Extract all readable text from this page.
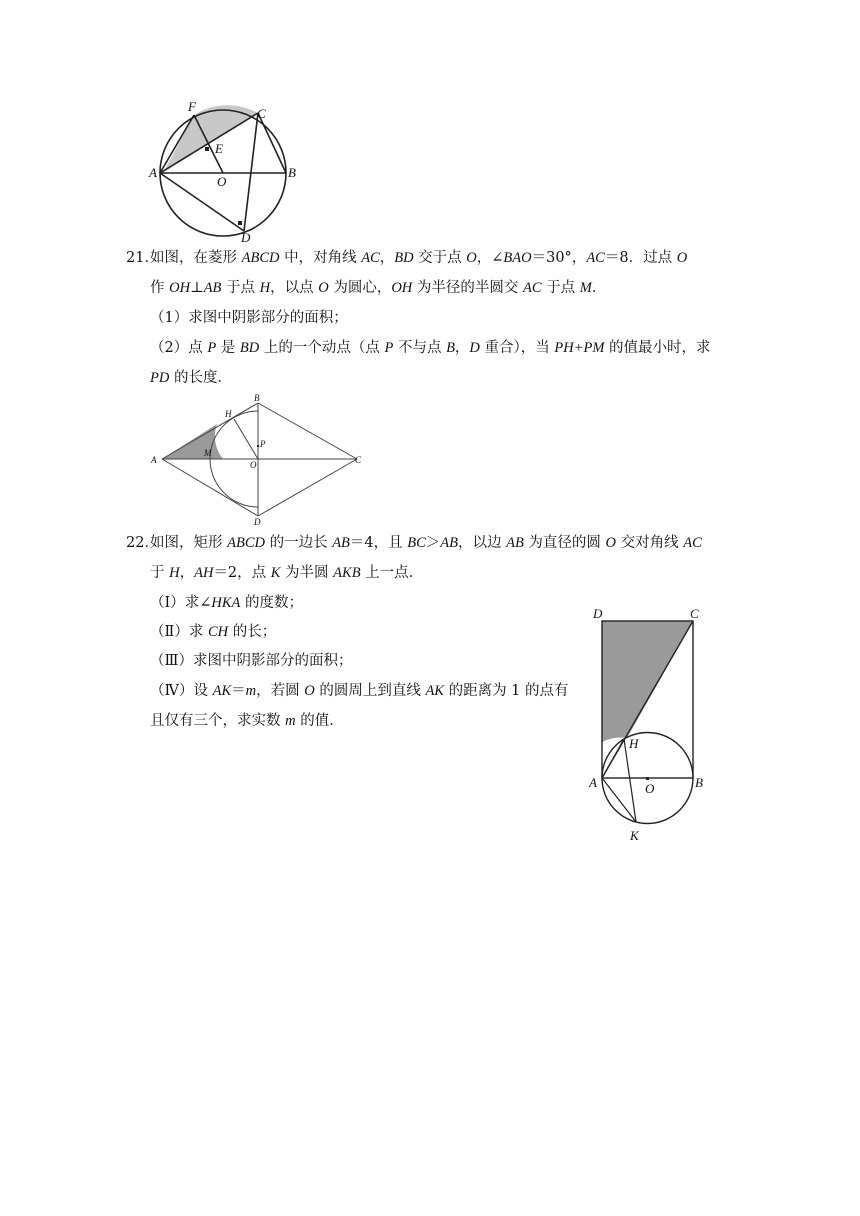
F	C
E
A
O
B
D
21．
如图，在菱形 ABCD 中，对角线 AC，BD 交于点 O，∠BAO＝30°，AC＝8．过点 O
作 OH⊥AB 于点 H，以点 O 为圆心，OH 为半径的半圆交 AC 于点 M．
（1）求图中阴影部分的面积；
（2）点 P 是 BD 上的一个动点（点 P 不与点 B，D 重合），当 PH+PM 的值最小时，求
PD 的长度．
A
B
C
D
H
M
O
P
22．
如图，矩形 ABCD 的一边长 AB＝4，且 BC＞AB，以边 AB 为直径的圆 O 交对角线 AC
于 H，AH＝2，点 K 为半圆 AKB 上一点．
（Ⅰ）求∠HKA 的度数；
（Ⅱ）求 CH 的长；
（Ⅲ）求图中阴影部分的面积；
（Ⅳ）设 AK＝m，若圆 O 的圆周上到直线 AK 的距离为 1 的点有
且仅有三个，求实数 m 的值．
D	C
H
A	O	B
K
